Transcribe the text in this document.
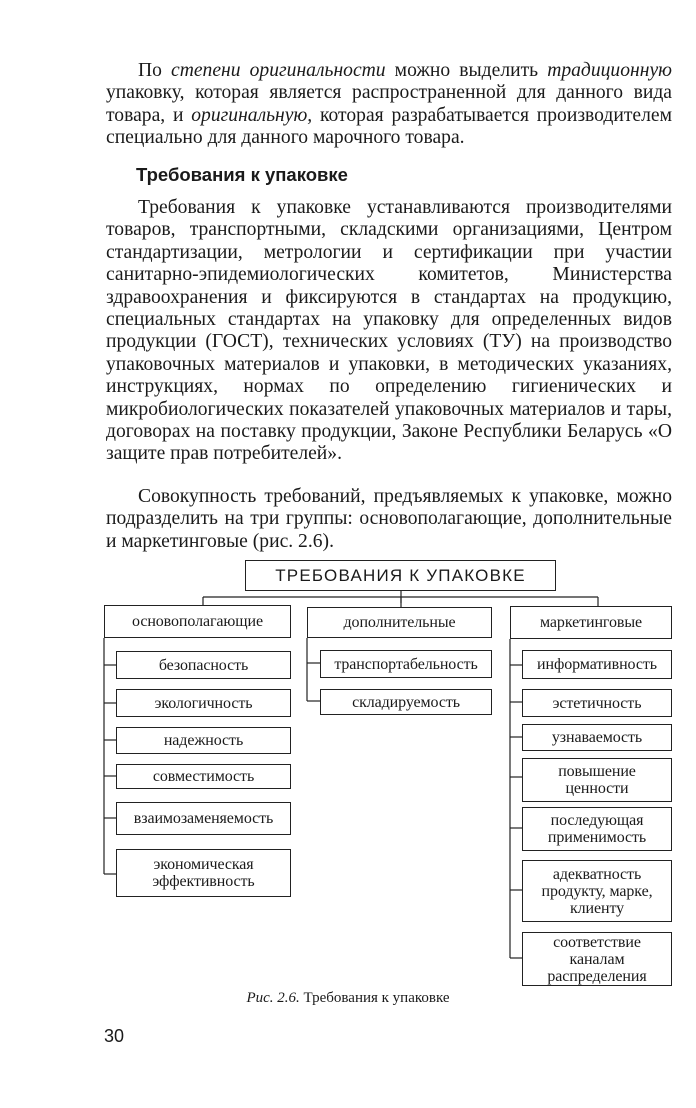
По степени оригинальности можно выделить традиционную упаковку, которая является распространенной для данного вида товара, и оригинальную, которая разрабатывается производителем специально для данного марочного товара.

Требования к упаковке

Требования к упаковке устанавливаются производителями товаров, транспортными, складскими организациями, Центром стандартизации, метрологии и сертификации при участии санитарно-эпидемиологических комитетов, Министерства здравоохранения и фиксируются в стандартах на продукцию, специальных стандартах на упаковку для определенных видов продукции (ГОСТ), технических условиях (ТУ) на производство упаковочных материалов и упаковки, в методических указаниях, инструкциях, нормах по определению гигиенических и микробиологических показателей упаковочных материалов и тары, договорах на поставку продукции, Законе Республики Беларусь «О защите прав потребителей».

Совокупность требований, предъявляемых к упаковке, можно подразделить на три группы: основополагающие, дополнительные и маркетинговые (рис. 2.6).

ТРЕБОВАНИЯ К УПАКОВКЕ
основополагающие	дополнительные	маркетинговые
безопасность
экологичность
надежность
совместимость
взаимозаменяемость
экономическая
эффективность
транспортабельность
складируемость
информативность
эстетичность
узнаваемость
повышение
ценности
последующая
применимость
адекватность
продукту, марке,
клиенту
соответствие
каналам
распределения

Рис. 2.6. Требования к упаковке

30
